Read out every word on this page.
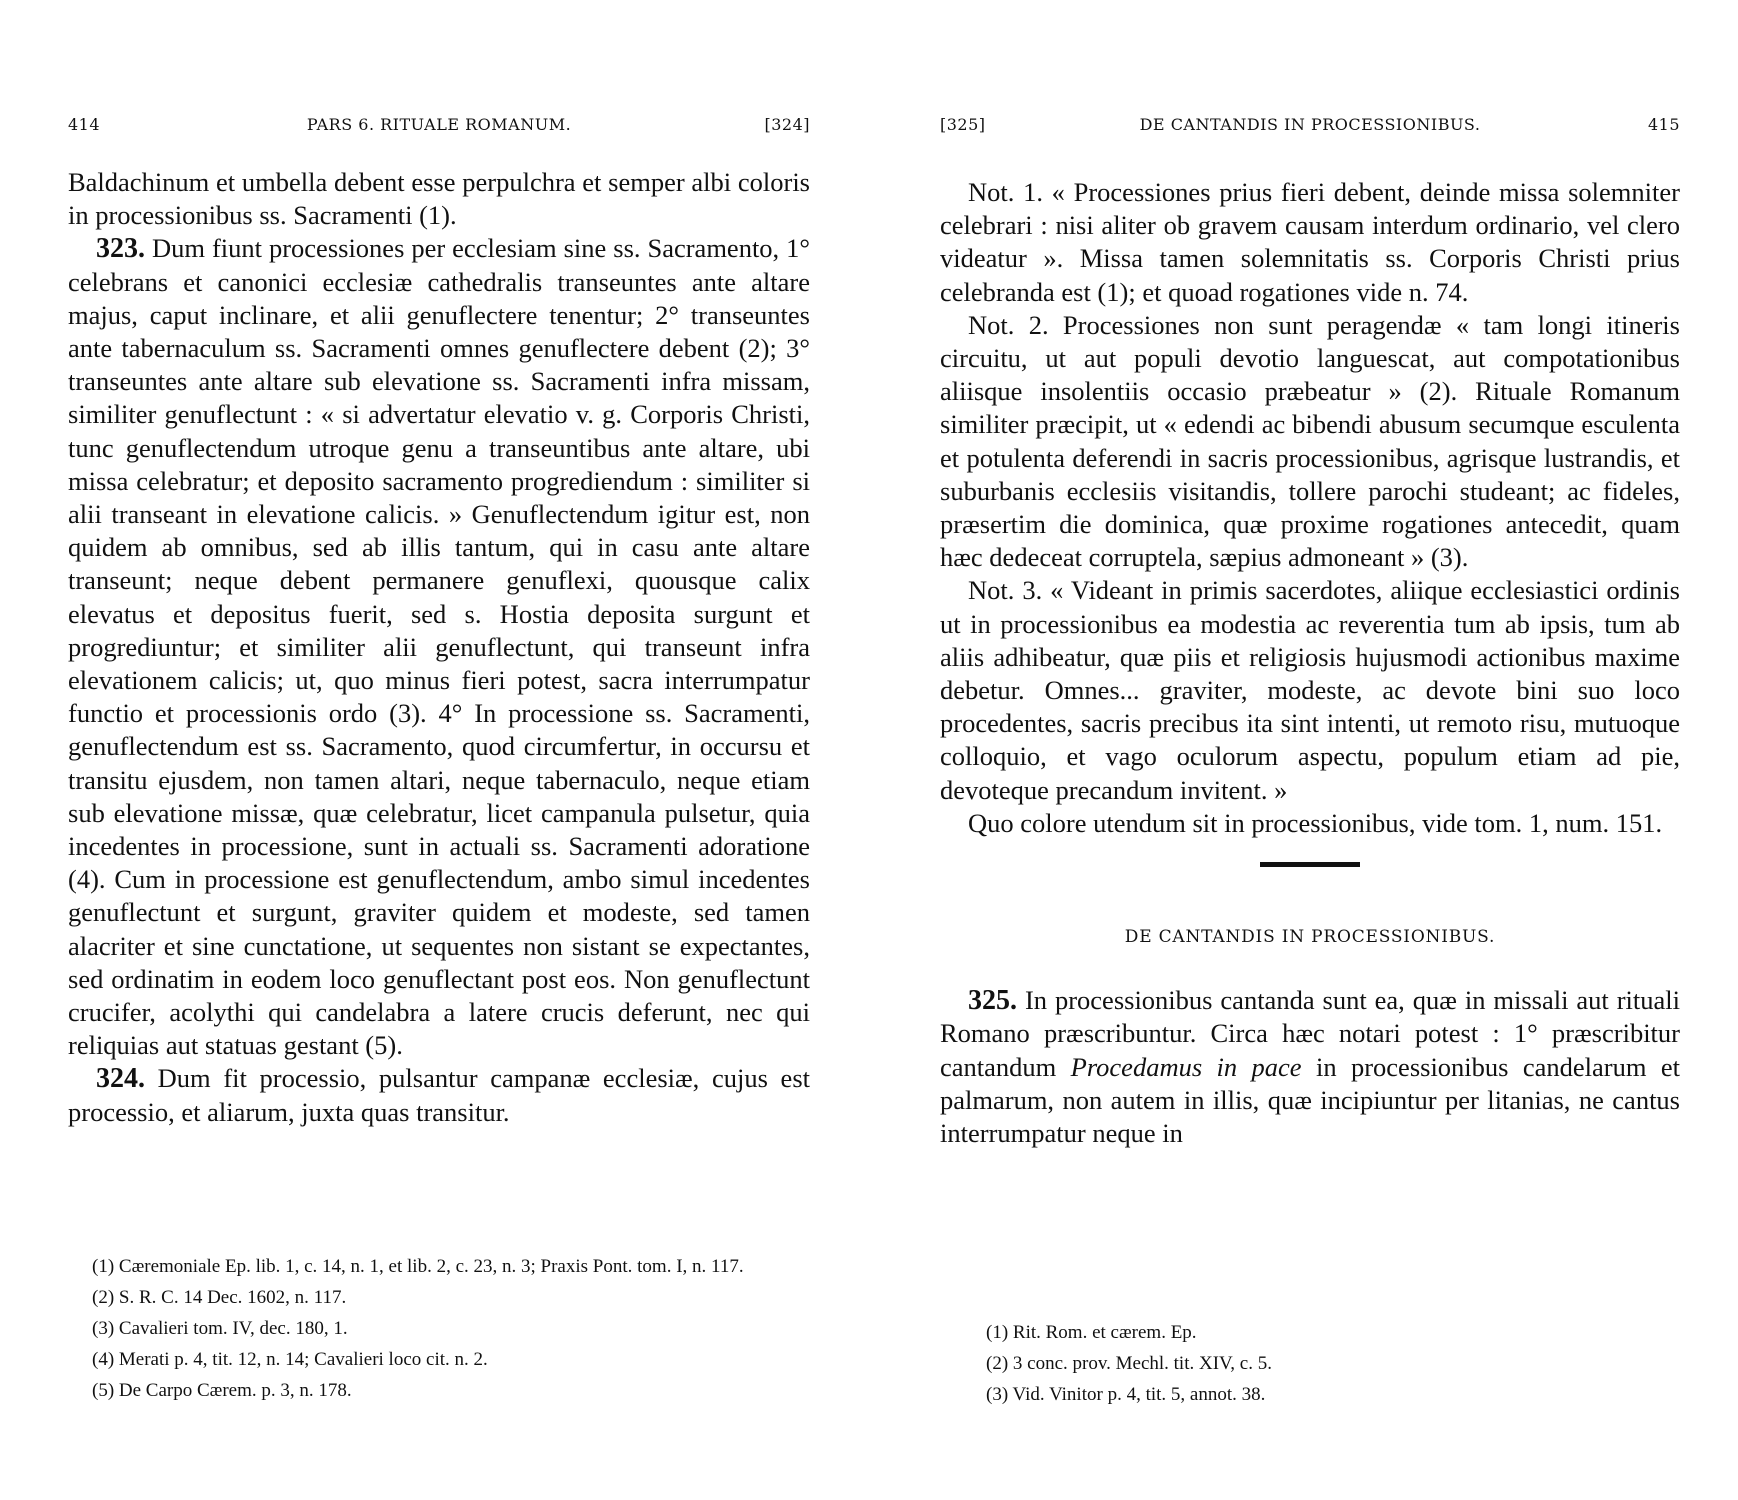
414	PARS 6. RITUALE ROMANUM.	[324]

Baldachinum et umbella debent esse perpulchra et semper albi coloris in processionibus ss. Sacramenti (1).

323. Dum fiunt processiones per ecclesiam sine ss. Sacramento, 1° celebrans et canonici ecclesiæ cathedralis transeuntes ante altare majus, caput inclinare, et alii genuflectere tenentur; 2° transeuntes ante tabernaculum ss. Sacramenti omnes genuflectere debent (2); 3° transeuntes ante altare sub elevatione ss. Sacramenti infra missam, similiter genuflectunt : « si advertatur elevatio v. g. Corporis Christi, tunc genuflectendum utroque genu a transeuntibus ante altare, ubi missa celebratur; et deposito sacramento progrediendum : similiter si alii transeant in elevatione calicis. » Genuflectendum igitur est, non quidem ab omnibus, sed ab illis tantum, qui in casu ante altare transeunt; neque debent permanere genuflexi, quousque calix elevatus et depositus fuerit, sed s. Hostia deposita surgunt et progrediuntur; et similiter alii genuflectunt, qui transeunt infra elevationem calicis; ut, quo minus fieri potest, sacra interrumpatur functio et processionis ordo (3). 4° In processione ss. Sacramenti, genuflectendum est ss. Sacramento, quod circumfertur, in occursu et transitu ejusdem, non tamen altari, neque tabernaculo, neque etiam sub elevatione missæ, quæ celebratur, licet campanula pulsetur, quia incedentes in processione, sunt in actuali ss. Sacramenti adoratione (4). Cum in processione est genuflectendum, ambo simul incedentes genuflectunt et surgunt, graviter quidem et modeste, sed tamen alacriter et sine cunctatione, ut sequentes non sistant se expectantes, sed ordinatim in eodem loco genuflectant post eos. Non genuflectunt crucifer, acolythi qui candelabra a latere crucis deferunt, nec qui reliquias aut statuas gestant (5).

324. Dum fit processio, pulsantur campanæ ecclesiæ, cujus est processio, et aliarum, juxta quas transitur.

(1) Cæremoniale Ep. lib. 1, c. 14, n. 1, et lib. 2, c. 23, n. 3; Praxis Pont. tom. I, n. 117.

(2) S. R. C. 14 Dec. 1602, n. 117.

(3) Cavalieri tom. IV, dec. 180, 1.

(4) Merati p. 4, tit. 12, n. 14; Cavalieri loco cit. n. 2.

(5) De Carpo Cærem. p. 3, n. 178.

[325]	DE CANTANDIS IN PROCESSIONIBUS.	415

Not. 1. « Processiones prius fieri debent, deinde missa solemniter celebrari : nisi aliter ob gravem causam interdum ordinario, vel clero videatur ». Missa tamen solemnitatis ss. Corporis Christi prius celebranda est (1); et quoad rogationes vide n. 74.

Not. 2. Processiones non sunt peragendæ « tam longi itineris circuitu, ut aut populi devotio languescat, aut compotationibus aliisque insolentiis occasio præbeatur » (2). Rituale Romanum similiter præcipit, ut « edendi ac bibendi abusum secumque esculenta et potulenta deferendi in sacris processionibus, agrisque lustrandis, et suburbanis ecclesiis visitandis, tollere parochi studeant; ac fideles, præsertim die dominica, quæ proxime rogationes antecedit, quam hæc dedeceat corruptela, sæpius admoneant » (3).

Not. 3. « Videant in primis sacerdotes, aliique ecclesiastici ordinis ut in processionibus ea modestia ac reverentia tum ab ipsis, tum ab aliis adhibeatur, quæ piis et religiosis hujusmodi actionibus maxime debetur. Omnes... graviter, modeste, ac devote bini suo loco procedentes, sacris precibus ita sint intenti, ut remoto risu, mutuoque colloquio, et vago oculorum aspectu, populum etiam ad pie, devoteque precandum invitent. »

Quo colore utendum sit in processionibus, vide tom. 1, num. 151.

DE CANTANDIS IN PROCESSIONIBUS.

325. In processionibus cantanda sunt ea, quæ in missali aut rituali Romano præscribuntur. Circa hæc notari potest : 1° præscribitur cantandum Procedamus in pace in processionibus candelarum et palmarum, non autem in illis, quæ incipiuntur per litanias, ne cantus interrumpatur neque in

(1) Rit. Rom. et cærem. Ep.

(2) 3 conc. prov. Mechl. tit. XIV, c. 5.

(3) Vid. Vinitor p. 4, tit. 5, annot. 38.
